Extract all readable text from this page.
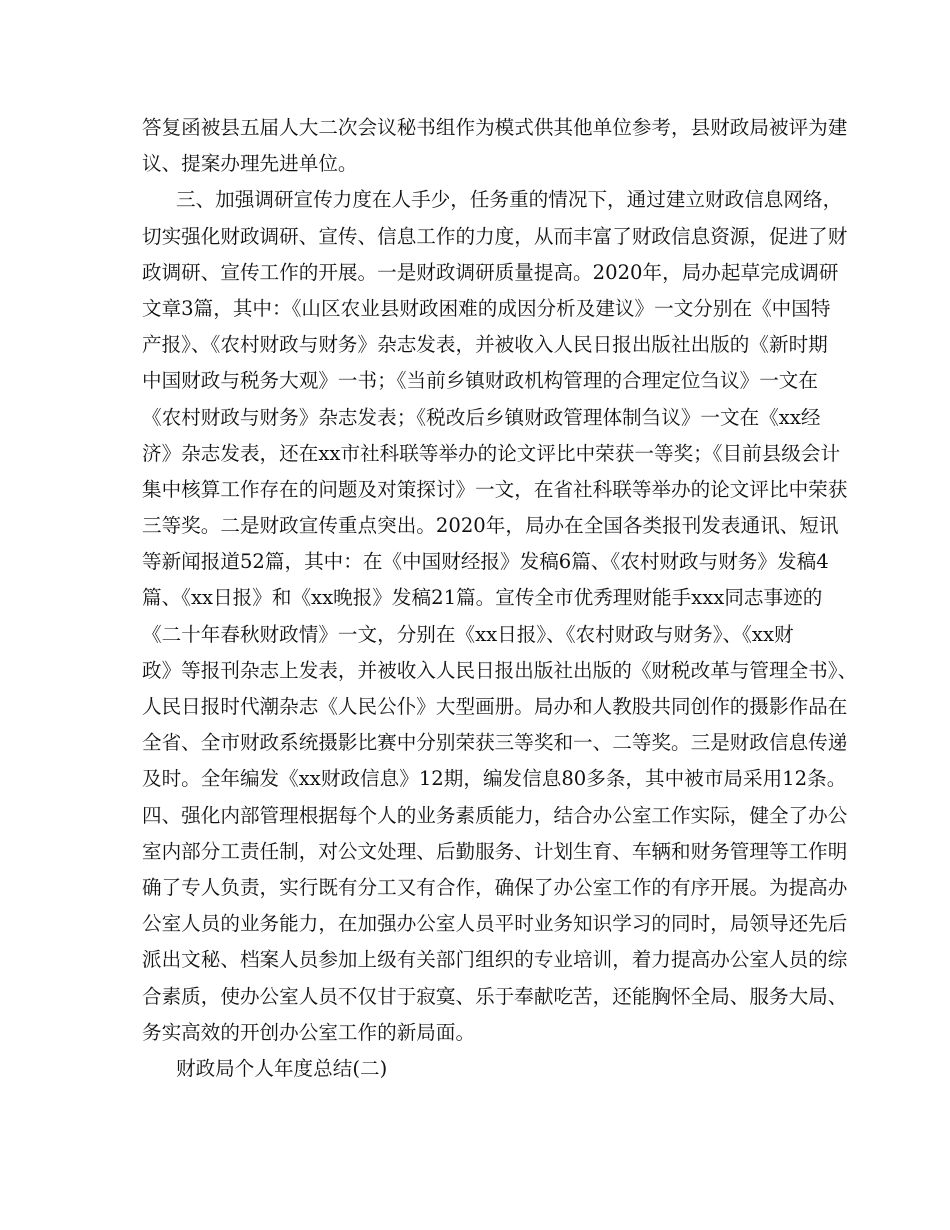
答复函被县五届人大二次会议秘书组作为模式供其他单位参考，县财政局被评为建
议、提案办理先进单位。
三、加强调研宣传力度在人手少，任务重的情况下，通过建立财政信息网络，
切实强化财政调研、宣传、信息工作的力度，从而丰富了财政信息资源，促进了财
政调研、宣传工作的开展。一是财政调研质量提高。2020年，局办起草完成调研
文章3篇，其中：《山区农业县财政困难的成因分析及建议》一文分别在《中国特
产报》、《农村财政与财务》杂志发表，并被收入人民日报出版社出版的《新时期
中国财政与税务大观》一书；《当前乡镇财政机构管理的合理定位刍议》一文在
《农村财政与财务》杂志发表；《税改后乡镇财政管理体制刍议》一文在《xx经
济》杂志发表，还在xx市社科联等举办的论文评比中荣获一等奖；《目前县级会计
集中核算工作存在的问题及对策探讨》一文，在省社科联等举办的论文评比中荣获
三等奖。二是财政宣传重点突出。2020年，局办在全国各类报刊发表通讯、短讯
等新闻报道52篇，其中：在《中国财经报》发稿6篇、《农村财政与财务》发稿4
篇、《xx日报》和《xx晚报》发稿21篇。宣传全市优秀理财能手xxx同志事迹的
《二十年春秋财政情》一文，分别在《xx日报》、《农村财政与财务》、《xx财
政》等报刊杂志上发表，并被收入人民日报出版社出版的《财税改革与管理全书》、
人民日报时代潮杂志《人民公仆》大型画册。局办和人教股共同创作的摄影作品在
全省、全市财政系统摄影比赛中分别荣获三等奖和一、二等奖。三是财政信息传递
及时。全年编发《xx财政信息》12期，编发信息80多条，其中被市局采用12条。
四、强化内部管理根据每个人的业务素质能力，结合办公室工作实际，健全了办公
室内部分工责任制，对公文处理、后勤服务、计划生育、车辆和财务管理等工作明
确了专人负责，实行既有分工又有合作，确保了办公室工作的有序开展。为提高办
公室人员的业务能力，在加强办公室人员平时业务知识学习的同时，局领导还先后
派出文秘、档案人员参加上级有关部门组织的专业培训，着力提高办公室人员的综
合素质，使办公室人员不仅甘于寂寞、乐于奉献吃苦，还能胸怀全局、服务大局、
务实高效的开创办公室工作的新局面。
财政局个人年度总结(二)
